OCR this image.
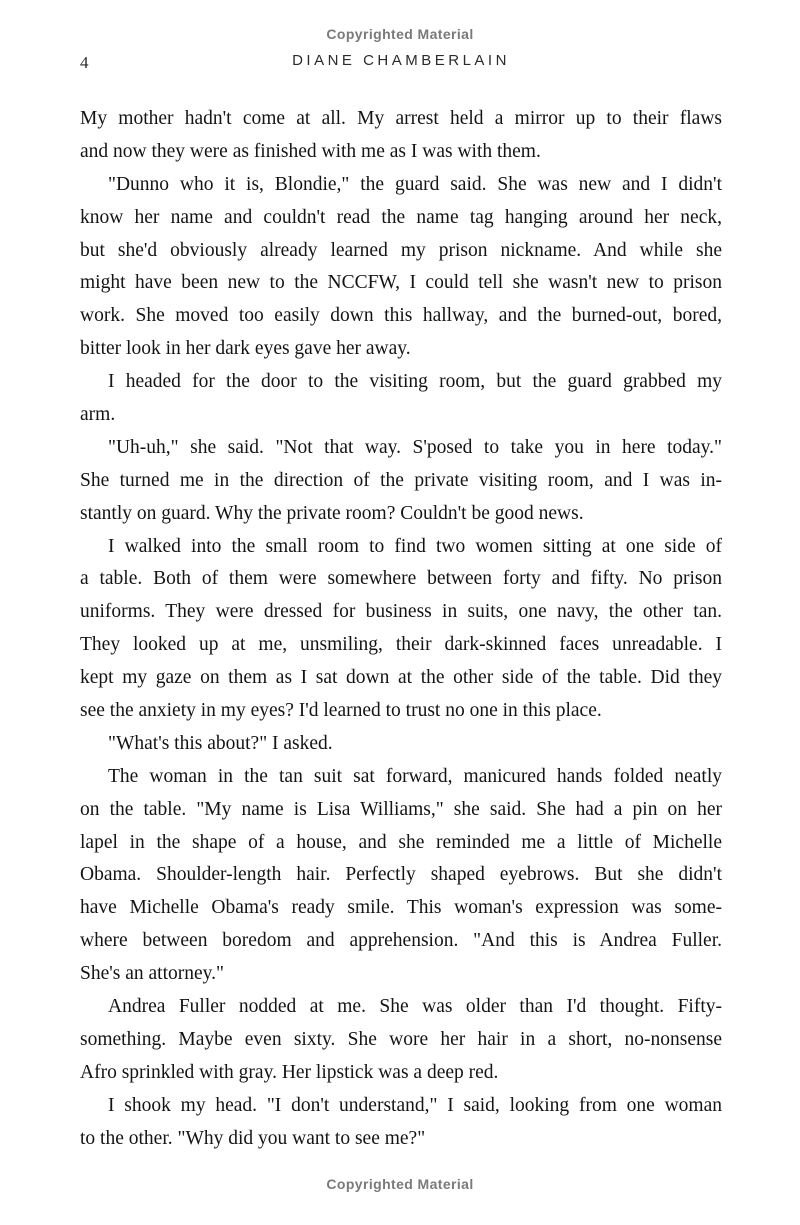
Copyrighted Material
4	DIANE CHAMBERLAIN
My mother hadn't come at all. My arrest held a mirror up to their flaws
and now they were as finished with me as I was with them.
"Dunno who it is, Blondie," the guard said. She was new and I didn't
know her name and couldn't read the name tag hanging around her neck,
but she'd obviously already learned my prison nickname. And while she
might have been new to the NCCFW, I could tell she wasn't new to prison
work. She moved too easily down this hallway, and the burned-out, bored,
bitter look in her dark eyes gave her away.
I headed for the door to the visiting room, but the guard grabbed my
arm.
"Uh-uh," she said. "Not that way. S'posed to take you in here today."
She turned me in the direction of the private visiting room, and I was in-
stantly on guard. Why the private room? Couldn't be good news.
I walked into the small room to find two women sitting at one side of
a table. Both of them were somewhere between forty and fifty. No prison
uniforms. They were dressed for business in suits, one navy, the other tan.
They looked up at me, unsmiling, their dark-skinned faces unreadable. I
kept my gaze on them as I sat down at the other side of the table. Did they
see the anxiety in my eyes? I'd learned to trust no one in this place.
"What's this about?" I asked.
The woman in the tan suit sat forward, manicured hands folded neatly
on the table. "My name is Lisa Williams," she said. She had a pin on her
lapel in the shape of a house, and she reminded me a little of Michelle
Obama. Shoulder-length hair. Perfectly shaped eyebrows. But she didn't
have Michelle Obama's ready smile. This woman's expression was some-
where between boredom and apprehension. "And this is Andrea Fuller.
She's an attorney."
Andrea Fuller nodded at me. She was older than I'd thought. Fifty-
something. Maybe even sixty. She wore her hair in a short, no-nonsense
Afro sprinkled with gray. Her lipstick was a deep red.
I shook my head. "I don't understand," I said, looking from one woman
to the other. "Why did you want to see me?"
Copyrighted Material
